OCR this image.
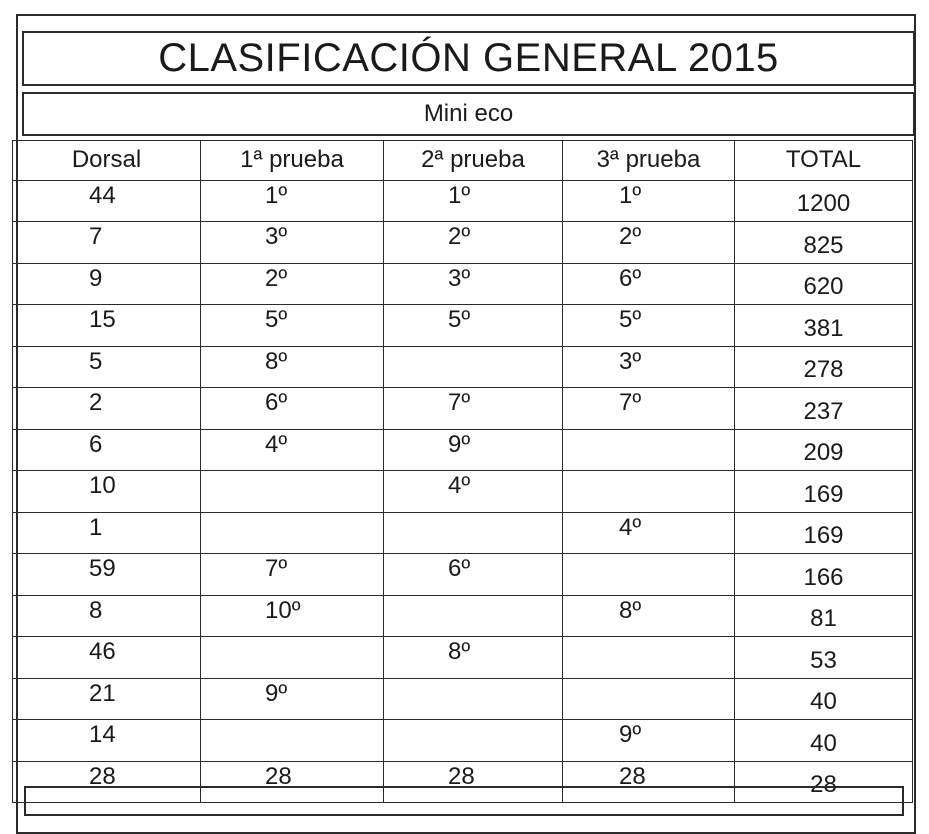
CLASIFICACIÓN GENERAL 2015
Mini eco
Dorsal	1ª prueba	2ª prueba	3ª prueba	TOTAL
44	1º	1º	1º	1200
7	3º	2º	2º	825
9	2º	3º	6º	620
15	5º	5º	5º	381
5	8º		3º	278
2	6º	7º	7º	237
6	4º	9º		209
10		4º		169
1			4º	169
59	7º	6º		166
8	10º		8º	81
46		8º		53
21	9º			40
14			9º	40
28	28	28	28	28
